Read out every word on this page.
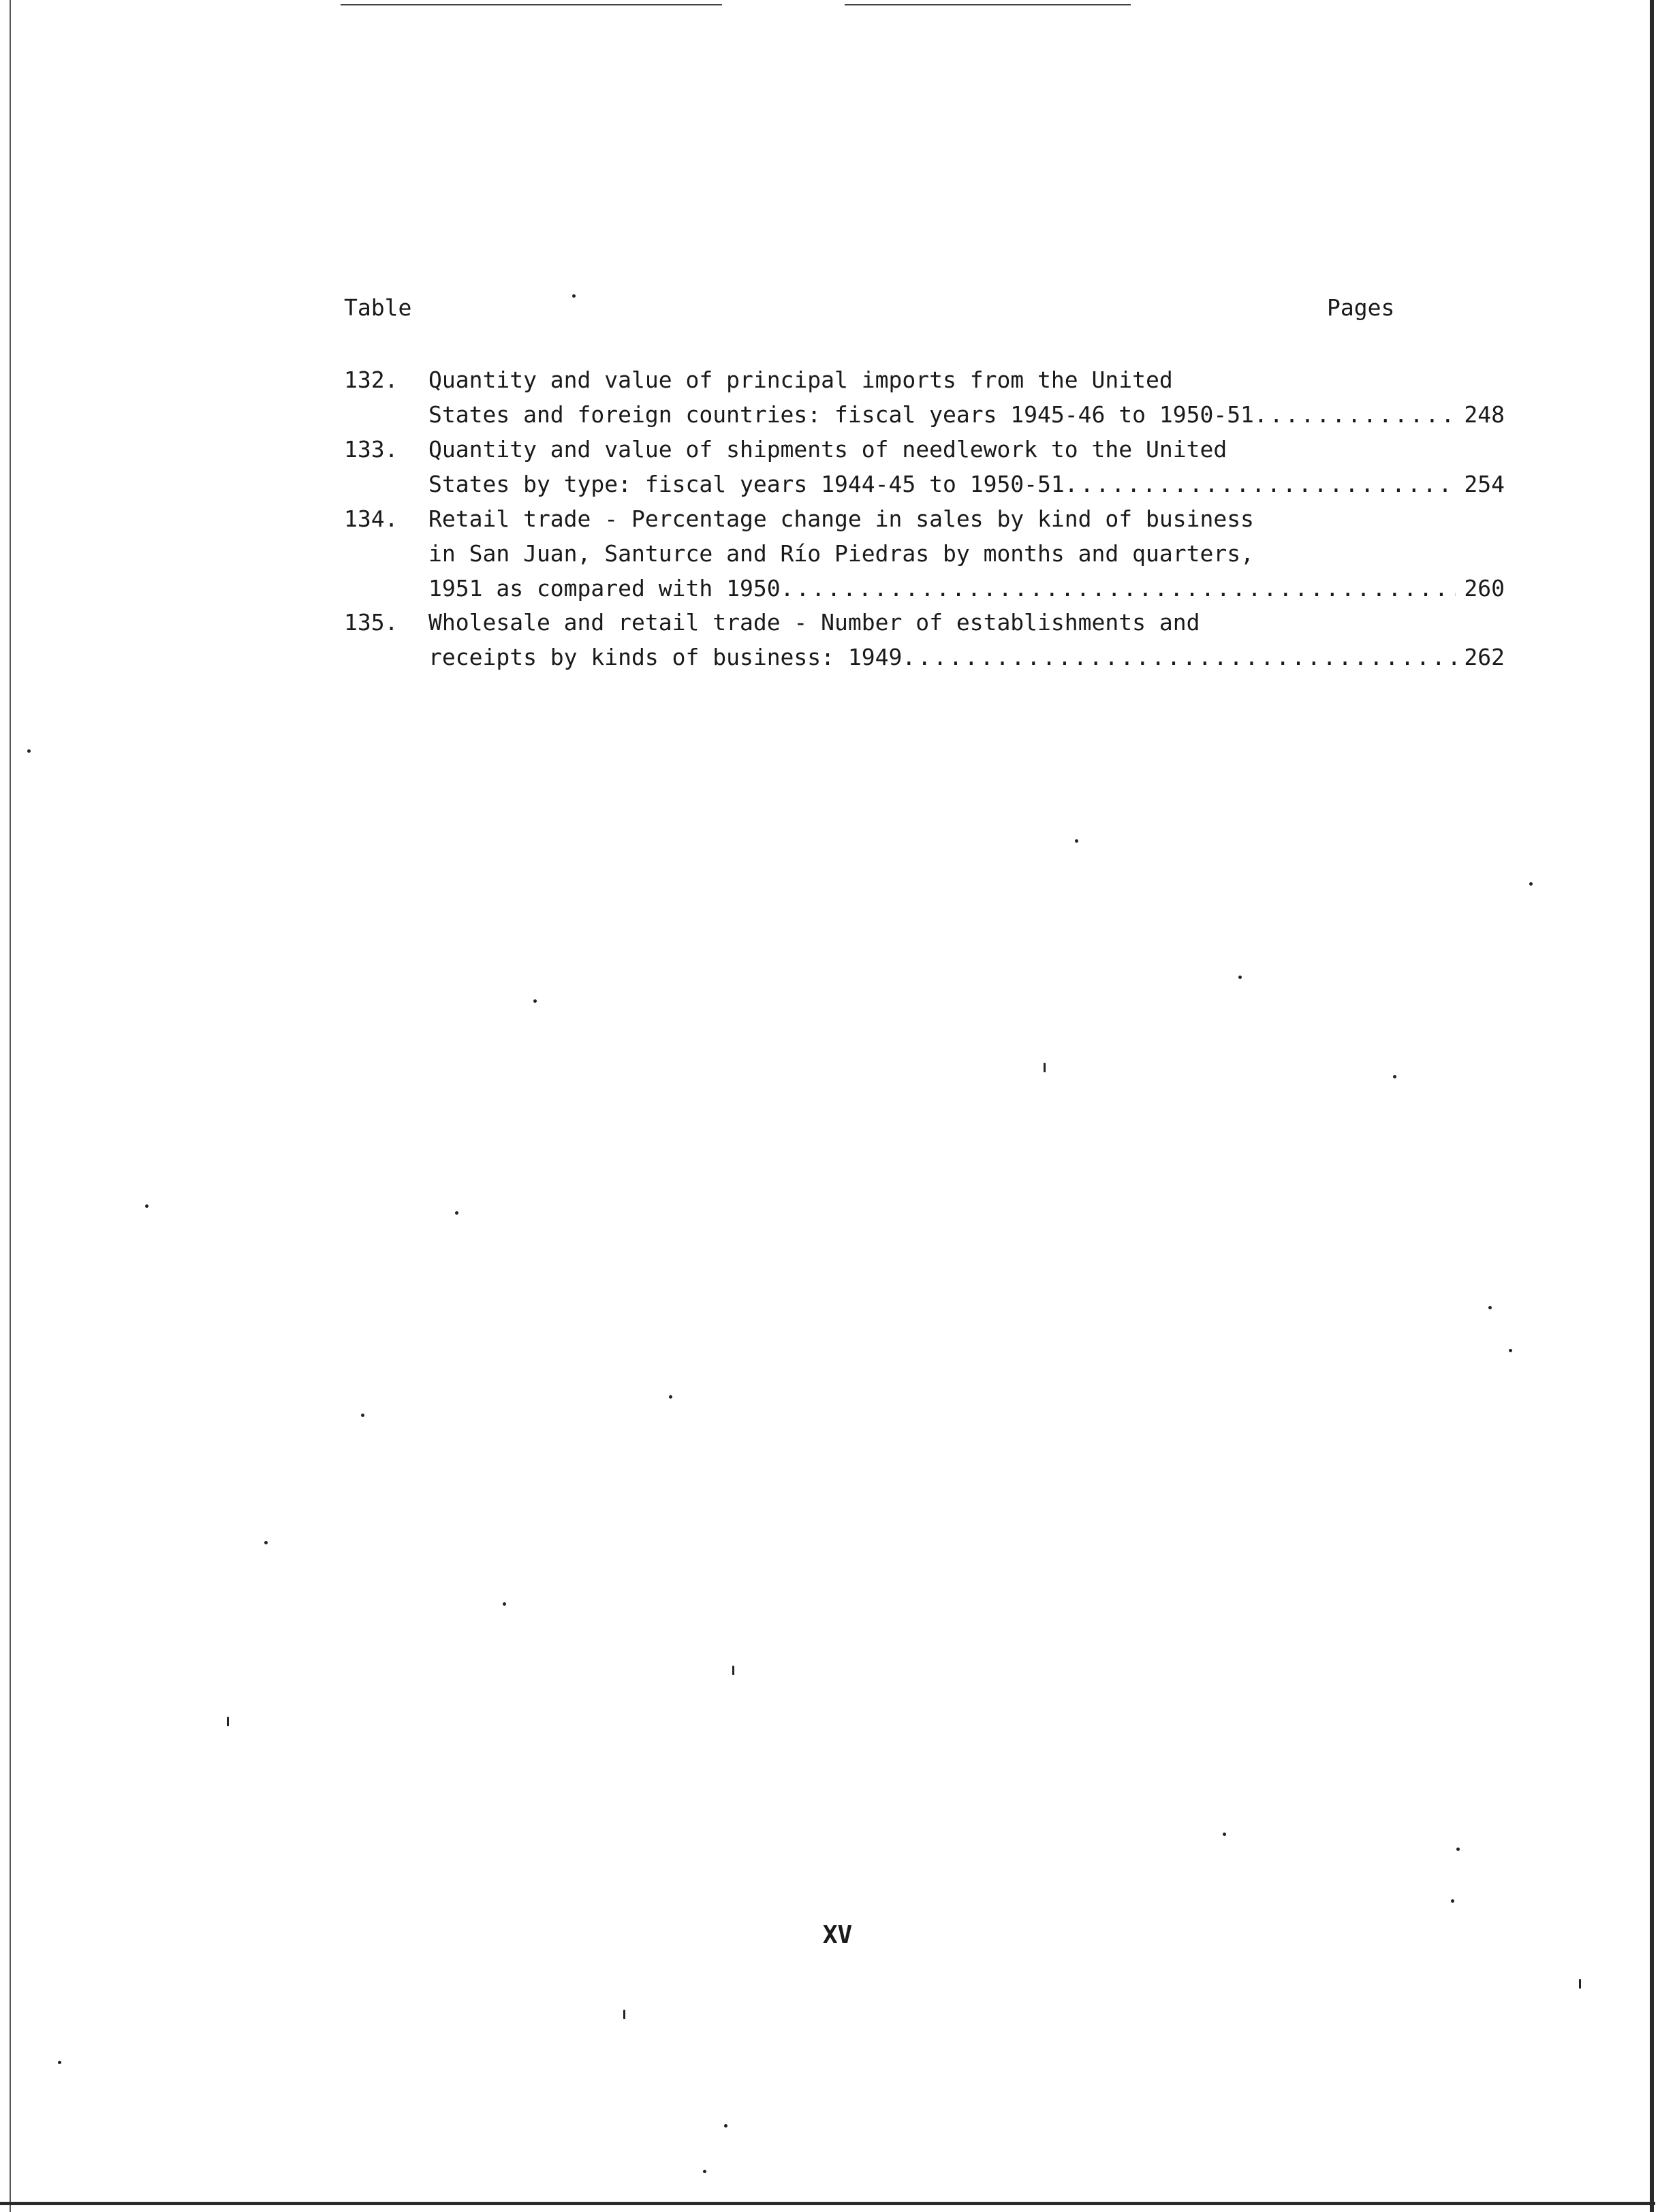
Table	Pages
132.	Quantity and value of principal imports from the United
States and foreign countries: fiscal years 1945-46 to 1950-51 .....	248
133.	Quantity and value of shipments of needlework to the United
States by type: fiscal years 1944-45 to 1950-51 .....	254
134.	Retail trade - Percentage change in sales by kind of business
in San Juan, Santurce and Río Piedras by months and quarters,
1951 as compared with 1950 .....	260
135.	Wholesale and retail trade - Number of establishments and
receipts by kinds of business: 1949 .....	262
XV
